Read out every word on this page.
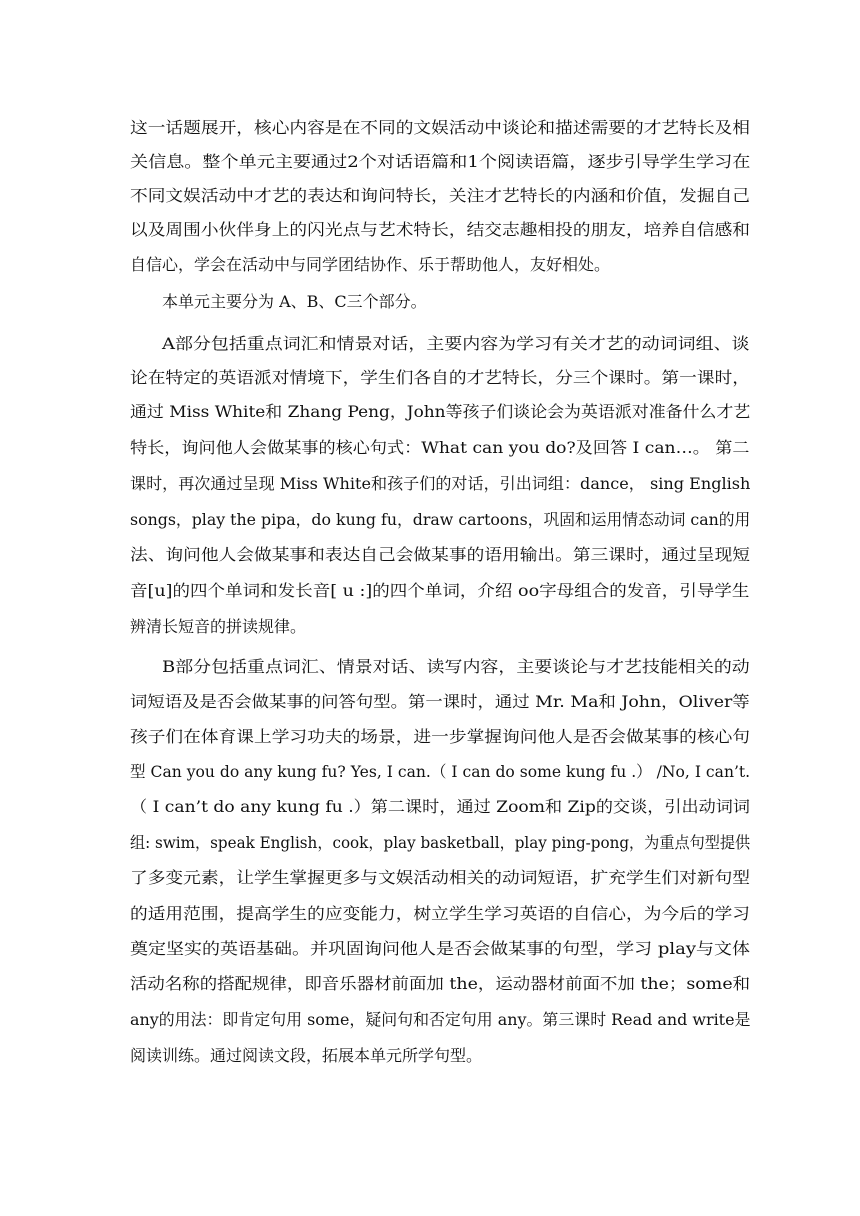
这一话题展开，核心内容是在不同的文娱活动中谈论和描述需要的才艺特长及相
关信息。整个单元主要通过2个对话语篇和1个阅读语篇，逐步引导学生学习在
不同文娱活动中才艺的表达和询问特长，关注才艺特长的内涵和价值，发掘自己
以及周围小伙伴身上的闪光点与艺术特长，结交志趣相投的朋友，培养自信感和
自信心，学会在活动中与同学团结协作、乐于帮助他人，友好相处。
本单元主要分为 A、B、C三个部分。
A部分包括重点词汇和情景对话，主要内容为学习有关才艺的动词词组、谈
论在特定的英语派对情境下，学生们各自的才艺特长，分三个课时。第一课时，
通过 Miss White和 Zhang Peng，John等孩子们谈论会为英语派对准备什么才艺
特长，询问他人会做某事的核心句式：What can you do?及回答 I can…。 第二
课时，再次通过呈现 Miss White和孩子们的对话，引出词组：dance， sing English
songs，play the pipa，do kung fu，draw cartoons，巩固和运用情态动词 can的用
法、询问他人会做某事和表达自己会做某事的语用输出。第三课时，通过呈现短
音[u]的四个单词和发长音[ u :]的四个单词，介绍 oo字母组合的发音，引导学生
辨清长短音的拼读规律。
B部分包括重点词汇、情景对话、读写内容，主要谈论与才艺技能相关的动
词短语及是否会做某事的问答句型。第一课时，通过 Mr. Ma和 John，Oliver等
孩子们在体育课上学习功夫的场景，进一步掌握询问他人是否会做某事的核心句
型 Can you do any kung fu? Yes, I can.（ I can do some kung fu .） /No, I can’t.
（ I can’t do any kung fu .）第二课时，通过 Zoom和 Zip的交谈，引出动词词
组: swim，speak English，cook，play basketball，play ping-pong，为重点句型提供
了多变元素，让学生掌握更多与文娱活动相关的动词短语，扩充学生们对新句型
的适用范围，提高学生的应变能力，树立学生学习英语的自信心，为今后的学习
奠定坚实的英语基础。并巩固询问他人是否会做某事的句型，学习 play与文体
活动名称的搭配规律，即音乐器材前面加 the，运动器材前面不加 the；some和
any的用法：即肯定句用 some，疑问句和否定句用 any。第三课时 Read and write是
阅读训练。通过阅读文段，拓展本单元所学句型。
